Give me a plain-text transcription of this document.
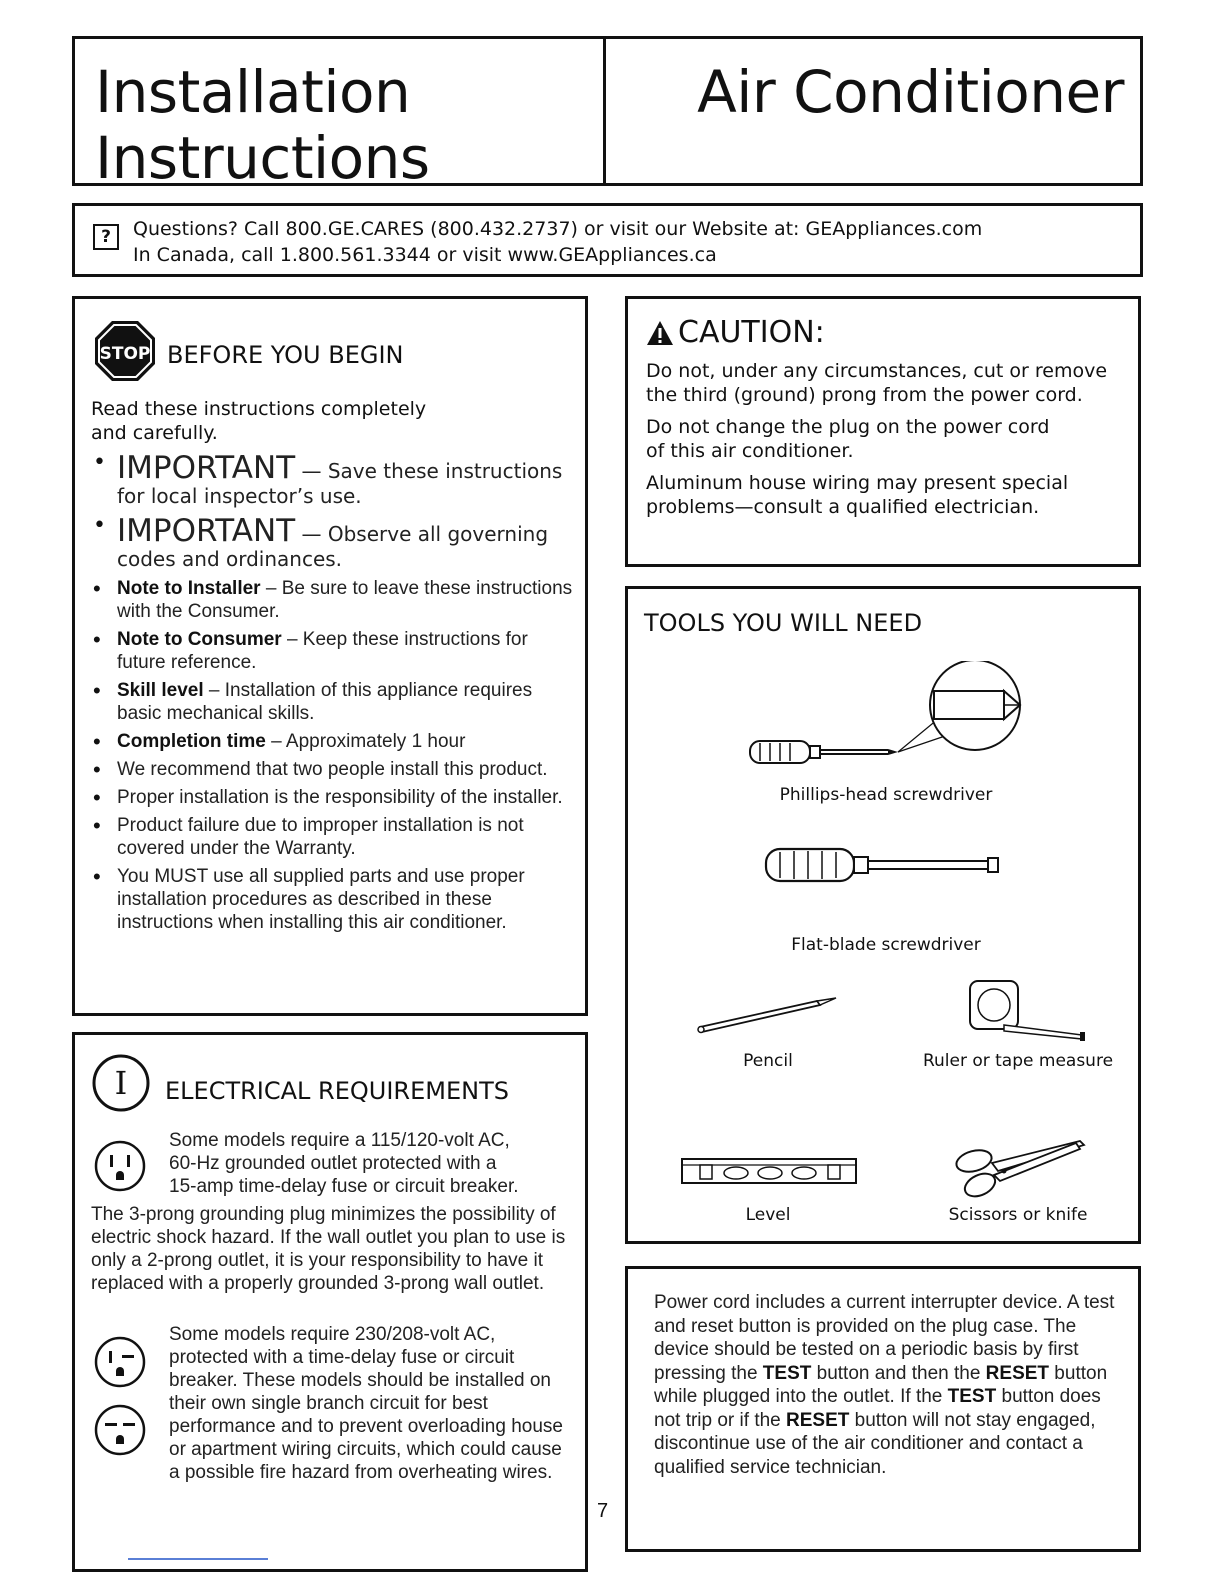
Installation
Instructions
Air Conditioner
?	Questions? Call 800.GE.CARES (800.432.2737) or visit our Website at: GEAppliances.com
In Canada, call 1.800.561.3344 or visit www.GEAppliances.ca
STOP BEFORE YOU BEGIN
Read these instructions completely
and carefully.
• IMPORTANT — Save these instructions for local inspector’s use.
• IMPORTANT — Observe all governing codes and ordinances.
• Note to Installer – Be sure to leave these instructions with the Consumer.
• Note to Consumer – Keep these instructions for future reference.
• Skill level – Installation of this appliance requires basic mechanical skills.
• Completion time – Approximately 1 hour
• We recommend that two people install this product.
• Proper installation is the responsibility of the installer.
• Product failure due to improper installation is not covered under the Warranty.
• You MUST use all supplied parts and use proper installation procedures as described in these instructions when installing this air conditioner.
CAUTION:
Do not, under any circumstances, cut or remove the third (ground) prong from the power cord.
Do not change the plug on the power cord
of this air conditioner.
Aluminum house wiring may present special problems—consult a qualified electrician.
TOOLS YOU WILL NEED
Phillips-head screwdriver
Flat-blade screwdriver
Pencil	Ruler or tape measure
Level	Scissors or knife
I ELECTRICAL REQUIREMENTS
Some models require a 115/120-volt AC,
60-Hz grounded outlet protected with a
15-amp time-delay fuse or circuit breaker.
The 3-prong grounding plug minimizes the possibility of electric shock hazard. If the wall outlet you plan to use is only a 2-prong outlet, it is your responsibility to have it replaced with a properly grounded 3-prong wall outlet.
Some models require 230/208-volt AC, protected with a time-delay fuse or circuit breaker. These models should be installed on their own single branch circuit for best performance and to prevent overloading house or apartment wiring circuits, which could cause a possible fire hazard from overheating wires.
Power cord includes a current interrupter device. A test and reset button is provided on the plug case. The device should be tested on a periodic basis by first pressing the TEST button and then the RESET button while plugged into the outlet. If the TEST button does not trip or if the RESET button will not stay engaged, discontinue use of the air conditioner and contact a qualified service technician.
7
